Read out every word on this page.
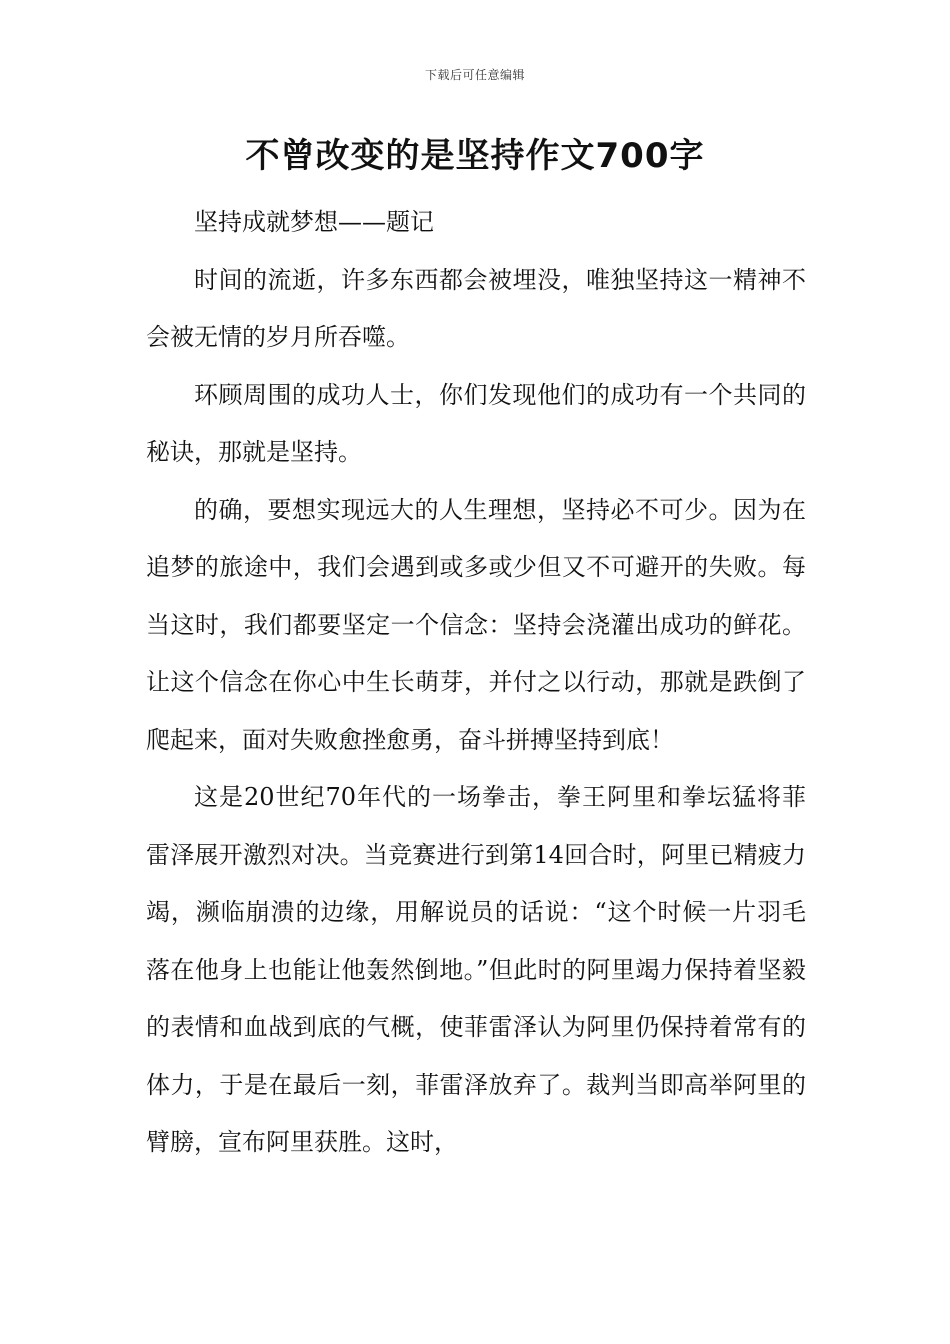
下载后可任意编辑
不曾改变的是坚持作文700字

坚持成就梦想——题记

时间的流逝，许多东西都会被埋没，唯独坚持这一精神不会被无情的岁月所吞噬。

环顾周围的成功人士，你们发现他们的成功有一个共同的秘诀，那就是坚持。

的确，要想实现远大的人生理想，坚持必不可少。因为在追梦的旅途中，我们会遇到或多或少但又不可避开的失败。每当这时，我们都要坚定一个信念：坚持会浇灌出成功的鲜花。让这个信念在你心中生长萌芽，并付之以行动，那就是跌倒了爬起来，面对失败愈挫愈勇，奋斗拼搏坚持到底！

这是20世纪70年代的一场拳击，拳王阿里和拳坛猛将菲雷泽展开激烈对决。当竞赛进行到第14回合时，阿里已精疲力竭，濒临崩溃的边缘，用解说员的话说：“这个时候一片羽毛落在他身上也能让他轰然倒地。”但此时的阿里竭力保持着坚毅的表情和血战到底的气概，使菲雷泽认为阿里仍保持着常有的体力，于是在最后一刻，菲雷泽放弃了。裁判当即高举阿里的臂膀，宣布阿里获胜。这时，
